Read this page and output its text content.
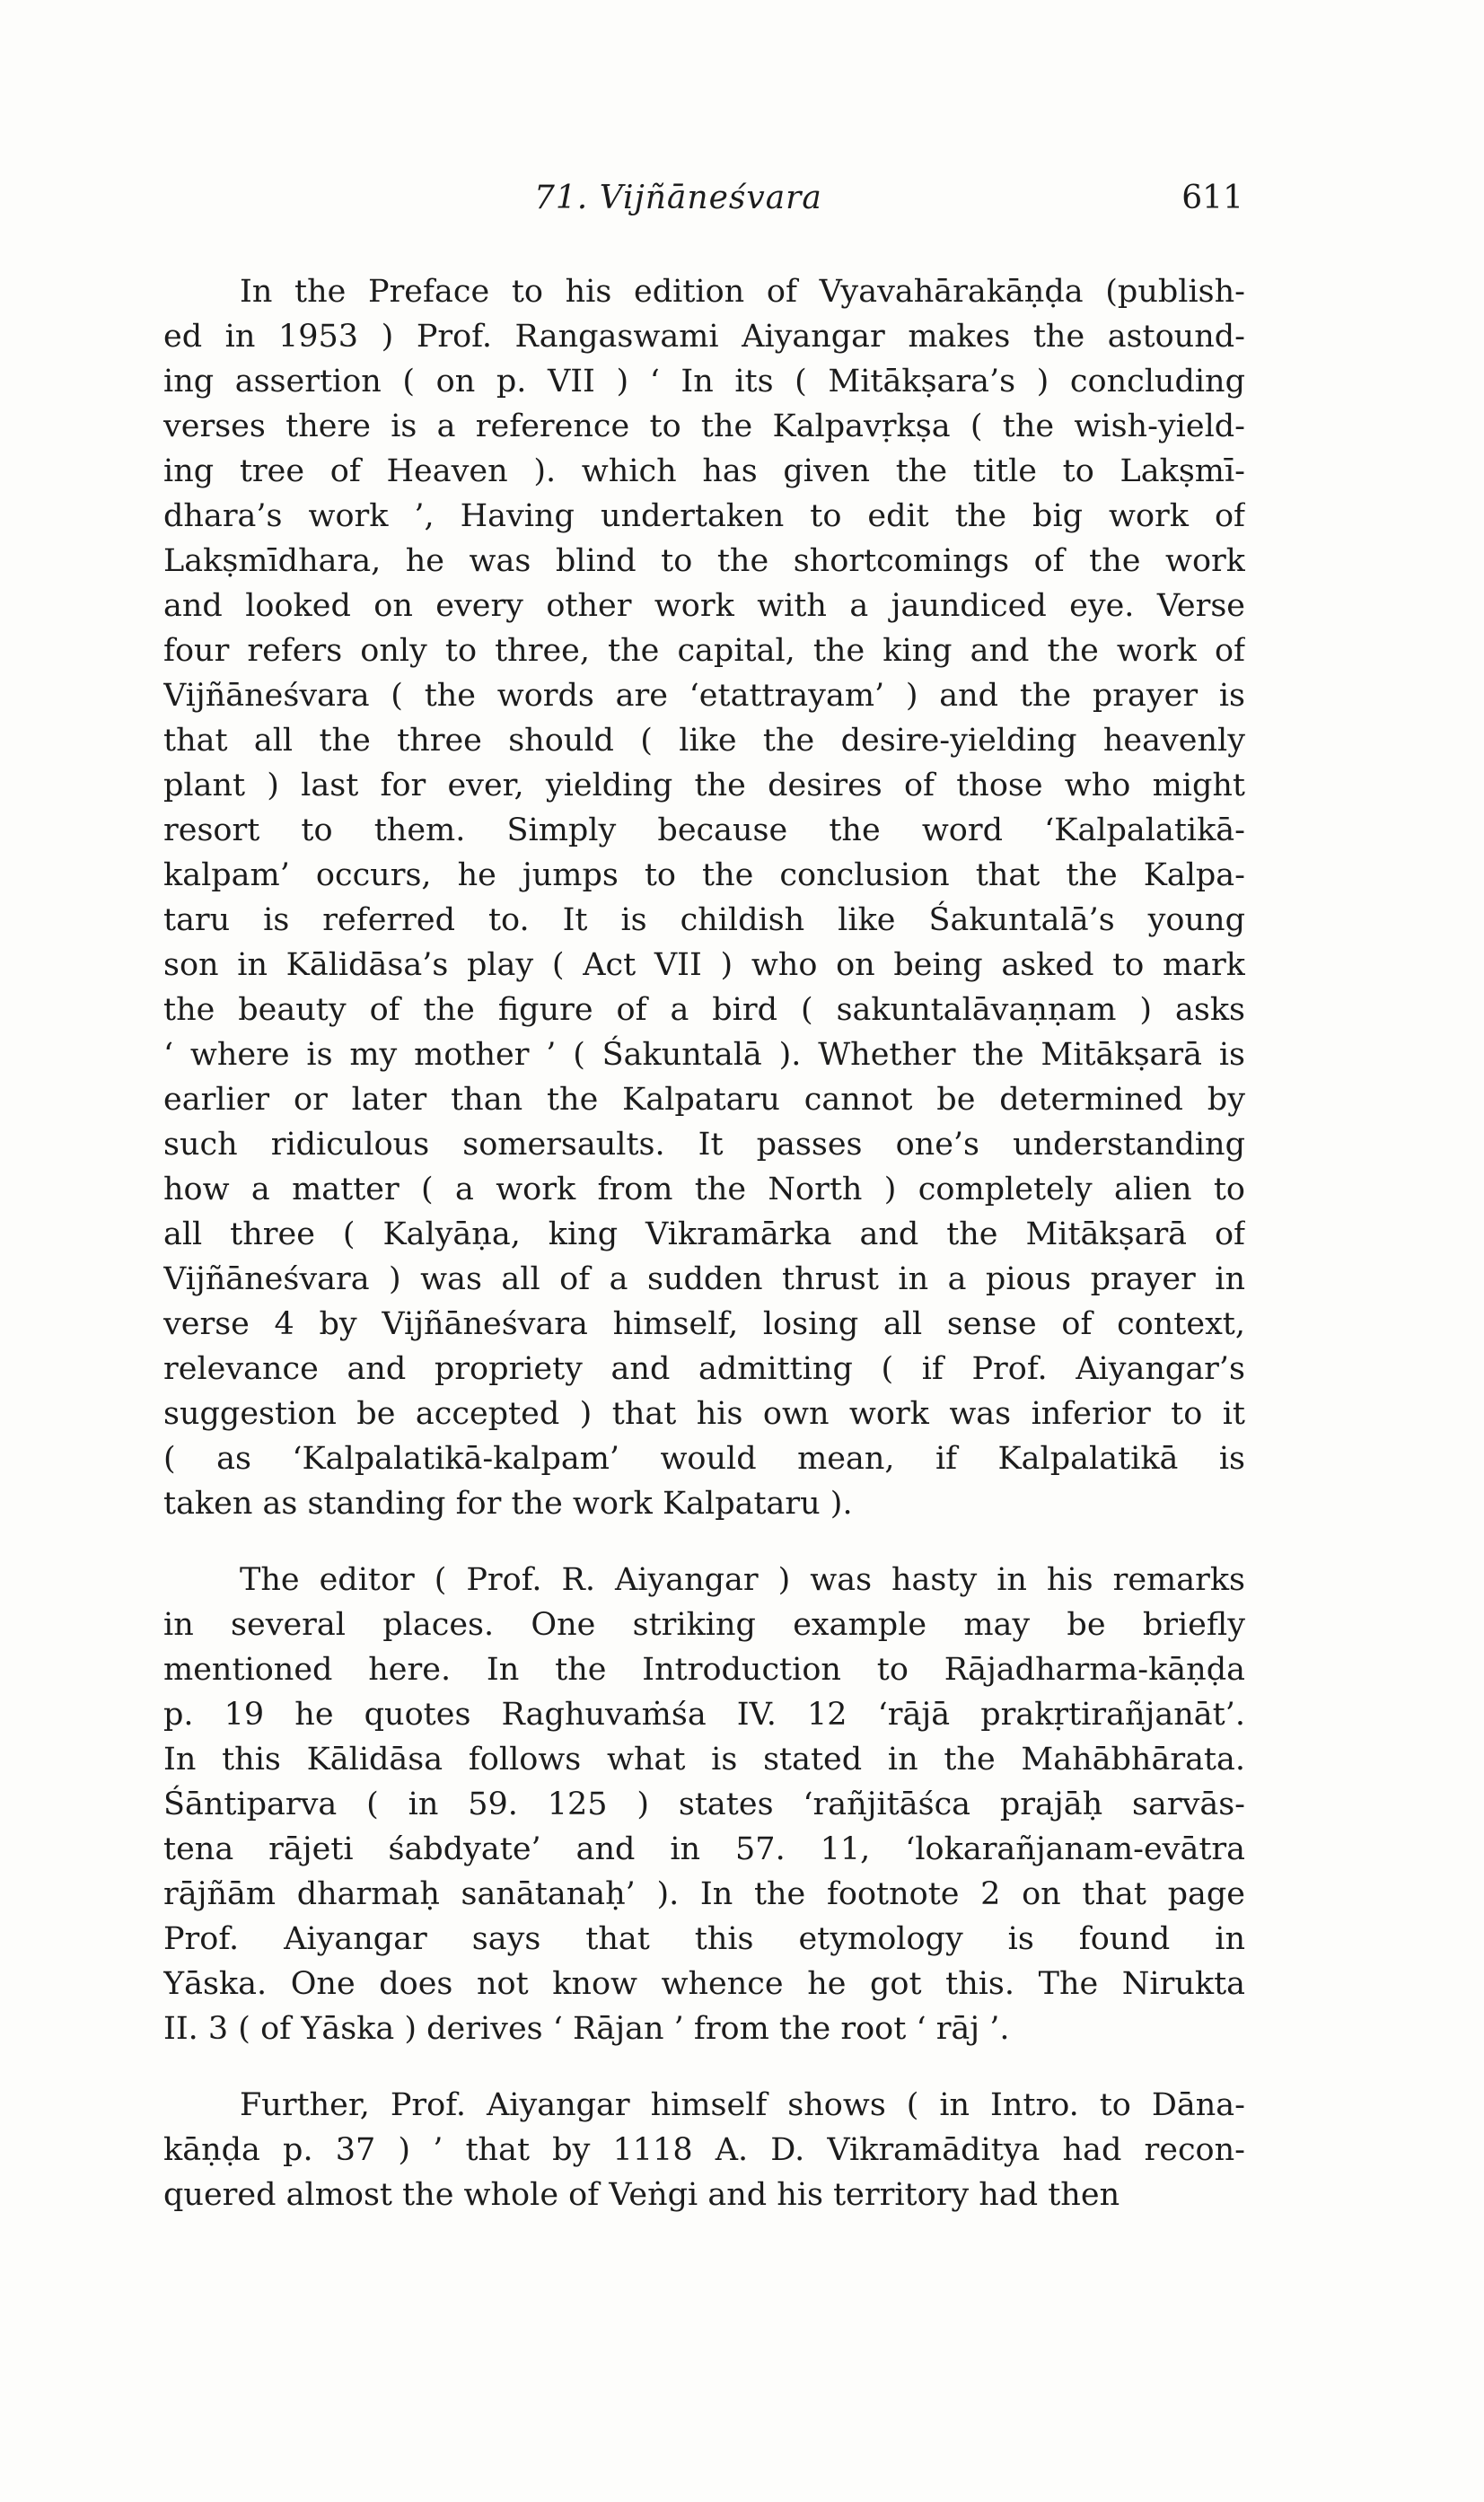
71. Vijñāneśvara	611
In the Preface to his edition of Vyavahārakāṇḍa (publish-
ed in 1953 ) Prof. Rangaswami Aiyangar makes the astound-
ing assertion ( on p. VII ) ‘ In its ( Mitākṣara’s ) concluding
verses there is a reference to the Kalpavṛkṣa ( the wish-yield-
ing tree of Heaven ). which has given the title to Lakṣmī-
dhara’s work ’, Having undertaken to edit the big work of
Lakṣmīdhara, he was blind to the shortcomings of the work
and looked on every other work with a jaundiced eye. Verse
four refers only to three, the capital, the king and the work of
Vijñāneśvara ( the words are ‘etattrayam’ ) and the prayer is
that all the three should ( like the desire-yielding heavenly
plant ) last for ever, yielding the desires of those who might
resort to them. Simply because the word ‘Kalpalatikā-
kalpam’ occurs, he jumps to the conclusion that the Kalpa-
taru is referred to. It is childish like Śakuntalā’s young
son in Kālidāsa’s play ( Act VII ) who on being asked to mark
the beauty of the figure of a bird ( sakuntalāvaṇṇam ) asks
‘ where is my mother ’ ( Śakuntalā ). Whether the Mitākṣarā is
earlier or later than the Kalpataru cannot be determined by
such ridiculous somersaults. It passes one’s understanding
how a matter ( a work from the North ) completely alien to
all three ( Kalyāṇa, king Vikramārka and the Mitākṣarā of
Vijñāneśvara ) was all of a sudden thrust in a pious prayer in
verse 4 by Vijñāneśvara himself, losing all sense of context,
relevance and propriety and admitting ( if Prof. Aiyangar’s
suggestion be accepted ) that his own work was inferior to it
( as ‘Kalpalatikā-kalpam’ would mean, if Kalpalatikā is
taken as standing for the work Kalpataru ).
The editor ( Prof. R. Aiyangar ) was hasty in his remarks
in several places. One striking example may be briefly
mentioned here. In the Introduction to Rājadharma-kāṇḍa
p. 19 he quotes Raghuvaṁśa IV. 12 ‘rājā prakṛtirañjanāt’.
In this Kālidāsa follows what is stated in the Mahābhārata.
Śāntiparva ( in 59. 125 ) states ‘rañjitāśca prajāḥ sarvās-
tena rājeti śabdyate’ and in 57. 11, ‘lokarañjanam-evātra
rājñām dharmaḥ sanātanaḥ’ ). In the footnote 2 on that page
Prof. Aiyangar says that this etymology is found in
Yāska. One does not know whence he got this. The Nirukta
II. 3 ( of Yāska ) derives ‘ Rājan ’ from the root ‘ rāj ’.
Further, Prof. Aiyangar himself shows ( in Intro. to Dāna-
kāṇḍa p. 37 ) ’ that by 1118 A. D. Vikramāditya had recon-
quered almost the whole of Veṅgi and his territory had then
